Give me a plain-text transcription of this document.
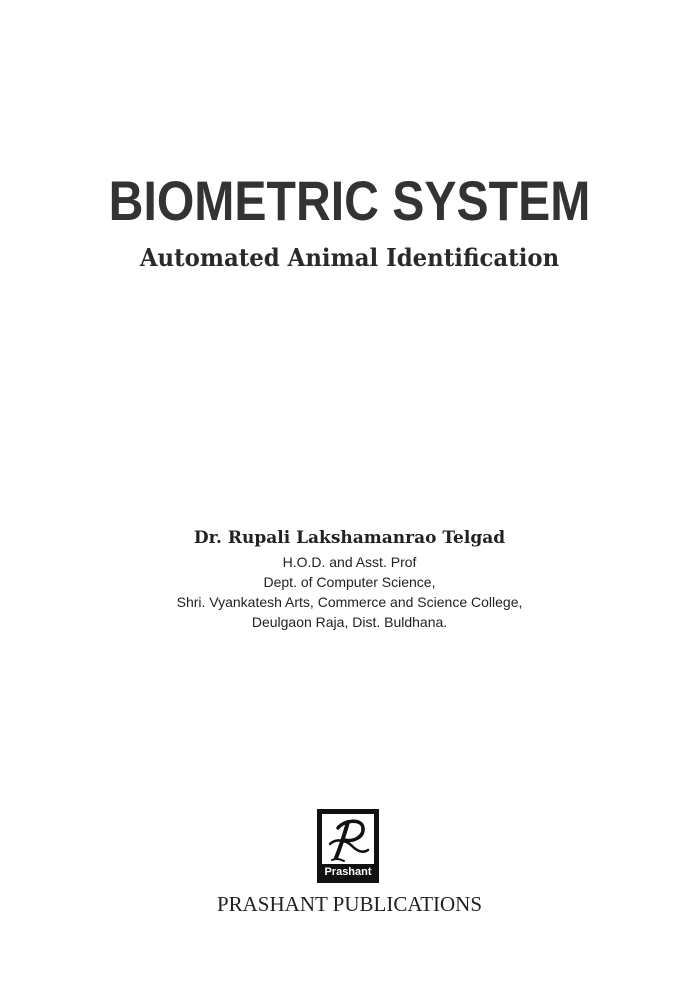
BIOMETRIC SYSTEM
Automated Animal Identification
Dr. Rupali Lakshamanrao Telgad
H.O.D. and Asst. Prof
Dept. of Computer Science,
Shri. Vyankatesh Arts, Commerce and Science College,
Deulgaon Raja, Dist. Buldhana.
Prashant
PRASHANT PUBLICATIONS
